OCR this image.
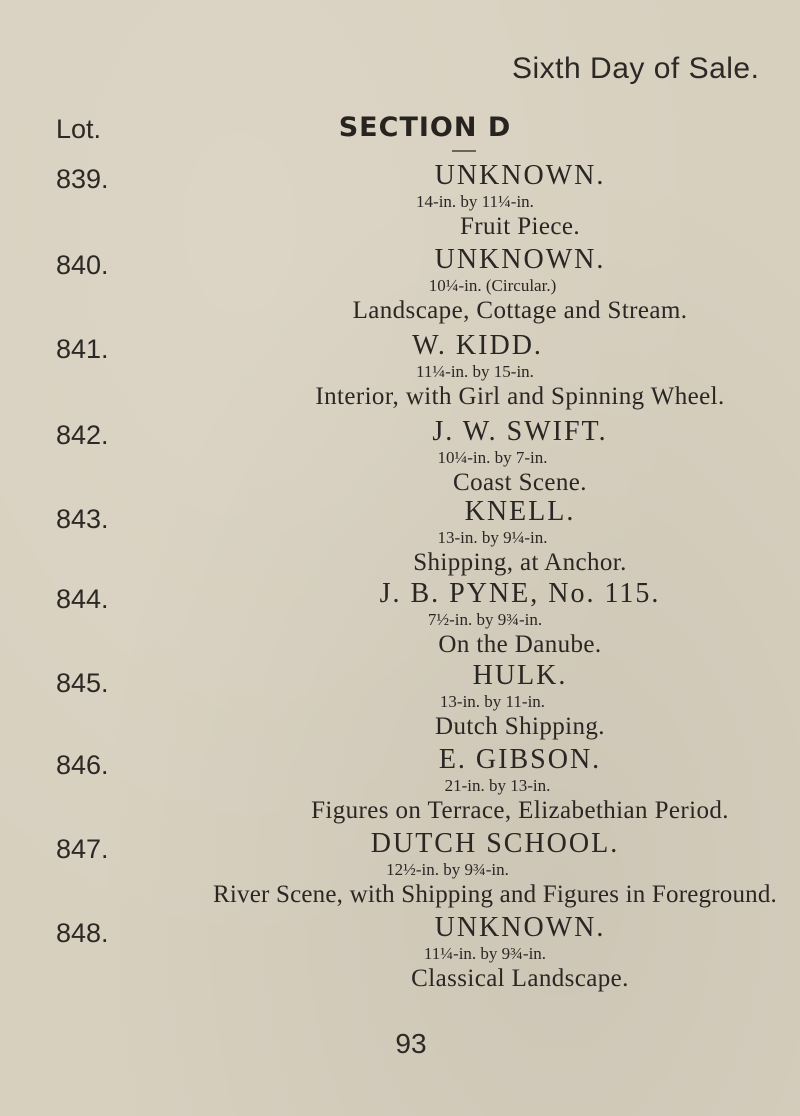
Sixth Day of Sale.
Lot.	SECTION D
839.	UNKNOWN.
14-in. by 11¼-in.
Fruit Piece.
840.	UNKNOWN.
10¼-in. (Circular.)
Landscape, Cottage and Stream.
841.	W. KIDD.
11¼-in. by 15-in.
Interior, with Girl and Spinning Wheel.
842.	J. W. SWIFT.
10¼-in. by 7-in.
Coast Scene.
843.	KNELL.
13-in. by 9¼-in.
Shipping, at Anchor.
844.	J. B. PYNE, No. 115.
7½-in. by 9¾-in.
On the Danube.
845.	HULK.
13-in. by 11-in.
Dutch Shipping.
846.	E. GIBSON.
21-in. by 13-in.
Figures on Terrace, Elizabethian Period.
847.	DUTCH SCHOOL.
12½-in. by 9¾-in.
River Scene, with Shipping and Figures in Foreground.
848.	UNKNOWN.
11¼-in. by 9¾-in.
Classical Landscape.
93
